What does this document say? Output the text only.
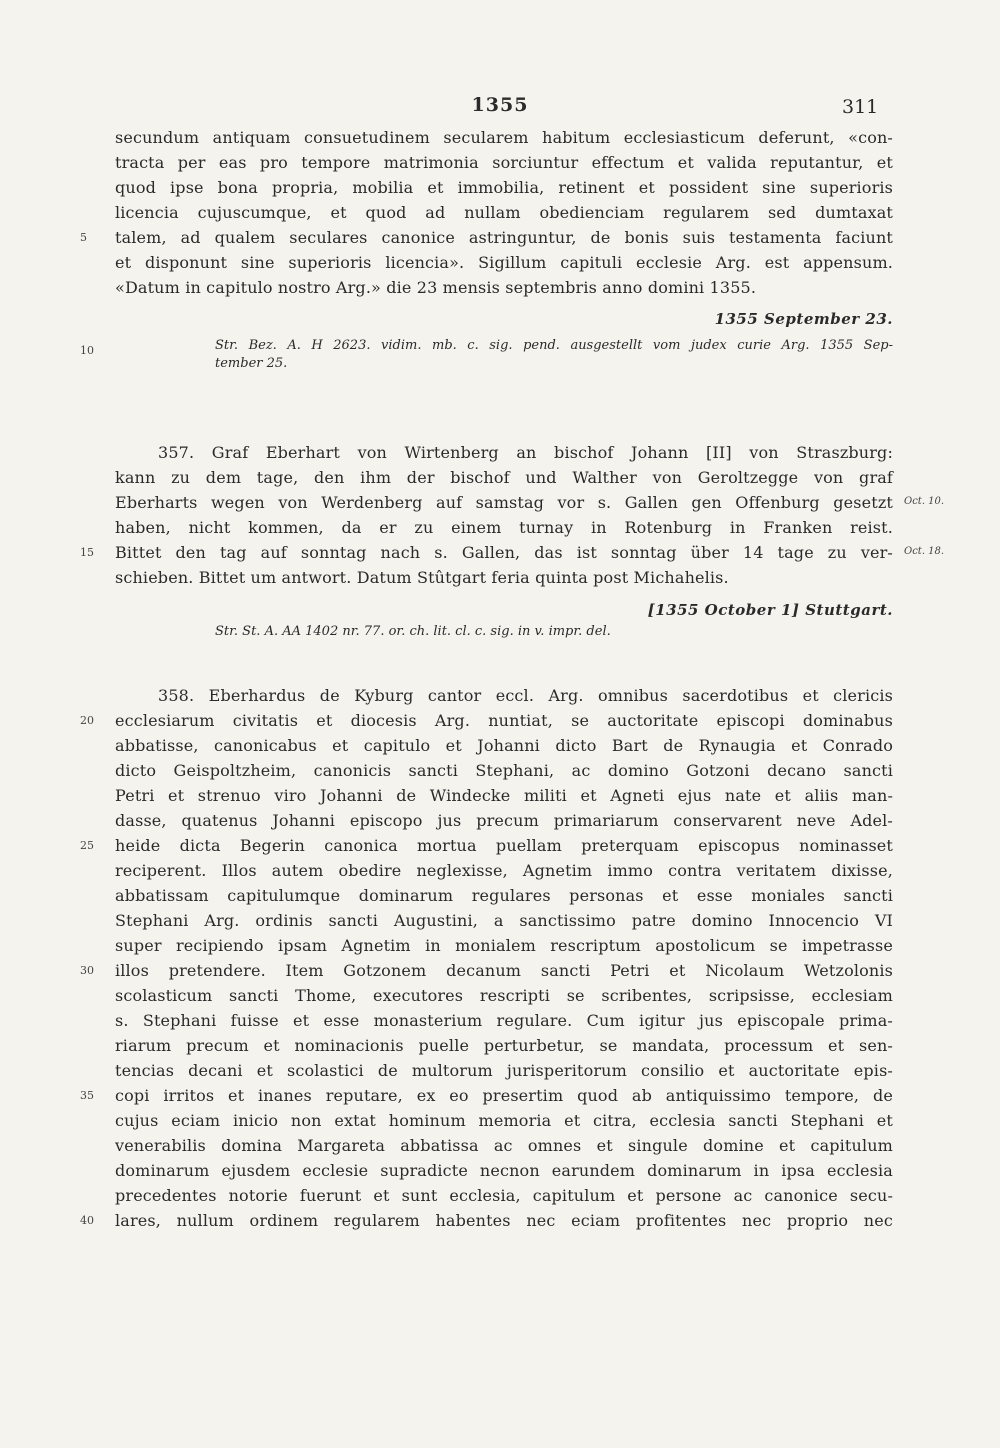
1355	311
secundum antiquam consuetudinem secularem habitum ecclesiasticum deferunt, «con-
tracta per eas pro tempore matrimonia sorciuntur effectum et valida reputantur, et
quod ipse bona propria, mobilia et immobilia, retinent et possident sine superioris
licencia cujuscumque, et quod ad nullam obedienciam regularem sed dumtaxat
talem, ad qualem seculares canonice astringuntur, de bonis suis testamenta faciunt
et disponunt sine superioris licencia». Sigillum capituli ecclesie Arg. est appensum.
«Datum in capitulo nostro Arg.» die 23 mensis septembris anno domini 1355.
1355 September 23.
Str. Bez. A. H 2623. vidim. mb. c. sig. pend. ausgestellt vom judex curie Arg. 1355 Sep-
tember 25.
357. Graf Eberhart von Wirtenberg an bischof Johann [II] von Straszburg:
kann zu dem tage, den ihm der bischof und Walther von Geroltzegge von graf
Eberharts wegen von Werdenberg auf samstag vor s. Gallen gen Offenburg gesetzt
haben, nicht kommen, da er zu einem turnay in Rotenburg in Franken reist.
Bittet den tag auf sonntag nach s. Gallen, das ist sonntag über 14 tage zu ver-
schieben. Bittet um antwort. Datum Stûtgart feria quinta post Michahelis.
[1355 October 1] Stuttgart.
Str. St. A. AA 1402 nr. 77. or. ch. lit. cl. c. sig. in v. impr. del.
Oct. 10.
Oct. 18.
358. Eberhardus de Kyburg cantor eccl. Arg. omnibus sacerdotibus et clericis
ecclesiarum civitatis et diocesis Arg. nuntiat, se auctoritate episcopi dominabus
abbatisse, canonicabus et capitulo et Johanni dicto Bart de Rynaugia et Conrado
dicto Geispoltzheim, canonicis sancti Stephani, ac domino Gotzoni decano sancti
Petri et strenuo viro Johanni de Windecke militi et Agneti ejus nate et aliis man-
dasse, quatenus Johanni episcopo jus precum primariarum conservarent neve Adel-
heide dicta Begerin canonica mortua puellam preterquam episcopus nominasset
reciperent. Illos autem obedire neglexisse, Agnetim immo contra veritatem dixisse,
abbatissam capitulumque dominarum regulares personas et esse moniales sancti
Stephani Arg. ordinis sancti Augustini, a sanctissimo patre domino Innocencio VI
super recipiendo ipsam Agnetim in monialem rescriptum apostolicum se impetrasse
illos pretendere. Item Gotzonem decanum sancti Petri et Nicolaum Wetzolonis
scolasticum sancti Thome, executores rescripti se scribentes, scripsisse, ecclesiam
s. Stephani fuisse et esse monasterium regulare. Cum igitur jus episcopale prima-
riarum precum et nominacionis puelle perturbetur, se mandata, processum et sen-
tencias decani et scolastici de multorum jurisperitorum consilio et auctoritate epis-
copi irritos et inanes reputare, ex eo presertim quod ab antiquissimo tempore, de
cujus eciam inicio non extat hominum memoria et citra, ecclesia sancti Stephani et
venerabilis domina Margareta abbatissa ac omnes et singule domine et capitulum
dominarum ejusdem ecclesie supradicte necnon earundem dominarum in ipsa ecclesia
precedentes notorie fuerunt et sunt ecclesia, capitulum et persone ac canonice secu-
lares, nullum ordinem regularem habentes nec eciam profitentes nec proprio nec
5
10
15
20
25
30
35
40
